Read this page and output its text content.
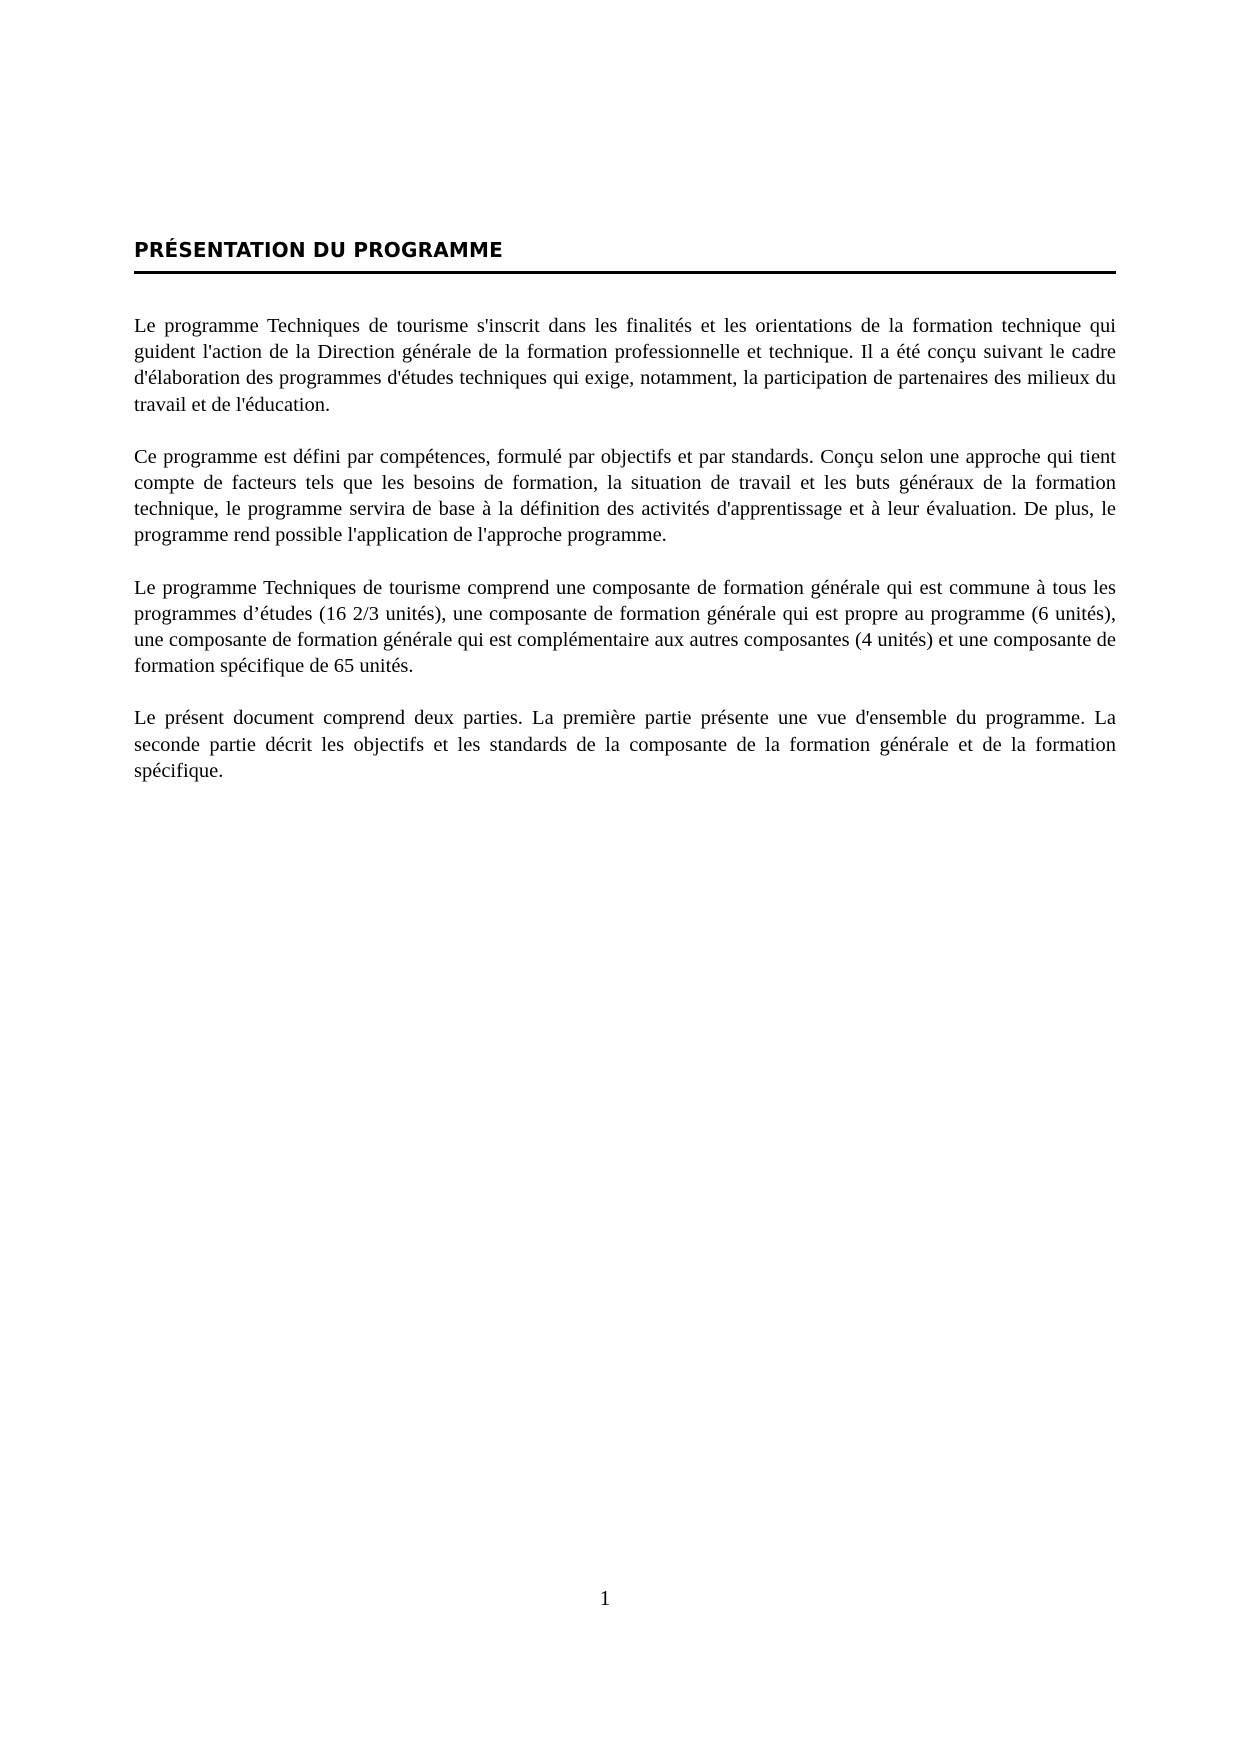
PRÉSENTATION DU PROGRAMME

Le programme Techniques de tourisme s'inscrit dans les finalités et les orientations de la formation technique qui guident l'action de la Direction générale de la formation professionnelle et technique. Il a été conçu suivant le cadre d'élaboration des programmes d'études techniques qui exige, notamment, la participation de partenaires des milieux du travail et de l'éducation.

Ce programme est défini par compétences, formulé par objectifs et par standards. Conçu selon une approche qui tient compte de facteurs tels que les besoins de formation, la situation de travail et les buts généraux de la formation technique, le programme servira de base à la définition des activités d'apprentissage et à leur évaluation. De plus, le programme rend possible l'application de l'approche programme.

Le programme Techniques de tourisme comprend une composante de formation générale qui est commune à tous les programmes d’études (16 2/3 unités), une composante de formation générale qui est propre au programme (6 unités), une composante de formation générale qui est complémentaire aux autres composantes (4 unités) et une composante de formation spécifique de 65 unités.

Le présent document comprend deux parties. La première partie présente une vue d'ensemble du programme. La seconde partie décrit les objectifs et les standards de la composante de la formation générale et de la formation spécifique.

1
